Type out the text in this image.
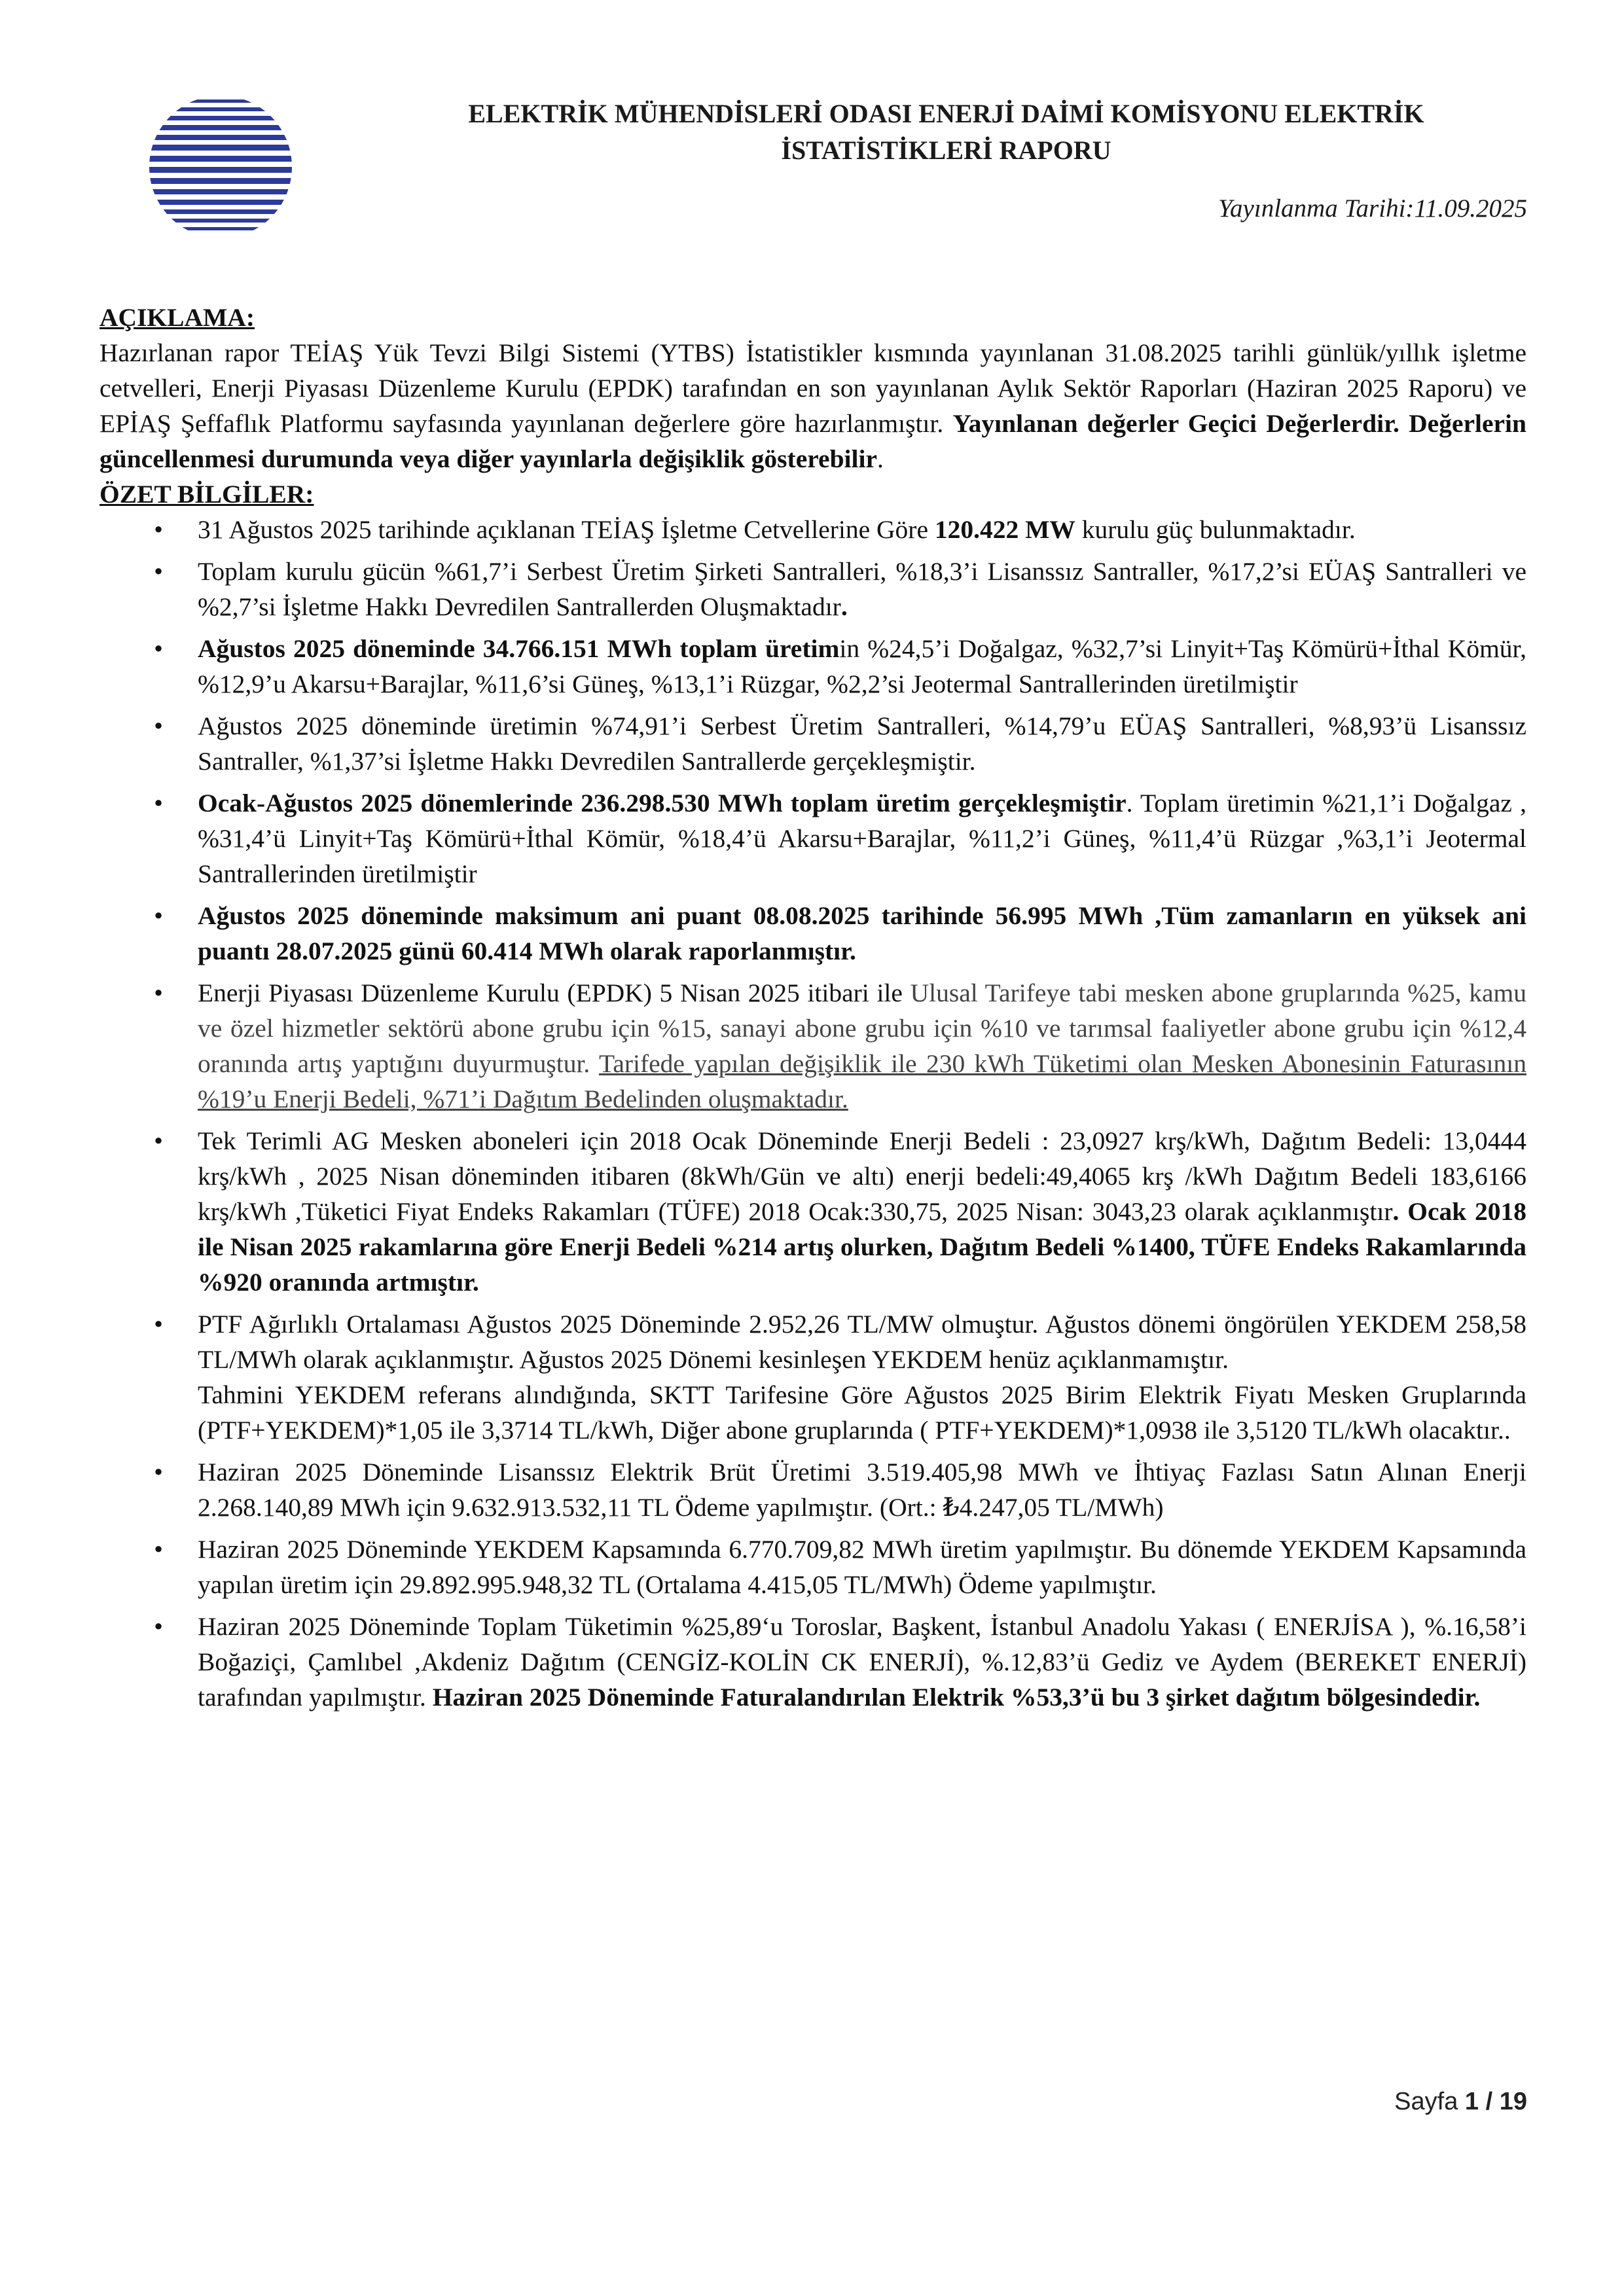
ELEKTRİK MÜHENDİSLERİ ODASI ENERJİ DAİMİ KOMİSYONU ELEKTRİK
İSTATİSTİKLERİ RAPORU
Yayınlanma Tarihi:11.09.2025

AÇIKLAMA:

Hazırlanan rapor TEİAŞ Yük Tevzi Bilgi Sistemi (YTBS) İstatistikler kısmında yayınlanan 31.08.2025 tarihli günlük/yıllık işletme cetvelleri, Enerji Piyasası Düzenleme Kurulu (EPDK) tarafından en son yayınlanan Aylık Sektör Raporları (Haziran 2025 Raporu) ve EPİAŞ Şeffaflık Platformu sayfasında yayınlanan değerlere göre hazırlanmıştır. Yayınlanan değerler Geçici Değerlerdir. Değerlerin güncellenmesi durumunda veya diğer yayınlarla değişiklik gösterebilir.

ÖZET BİLGİLER:

•	31 Ağustos 2025 tarihinde açıklanan TEİAŞ İşletme Cetvellerine Göre 120.422 MW kurulu güç bulunmaktadır.
•	Toplam kurulu gücün %61,7’i Serbest Üretim Şirketi Santralleri, %18,3’i Lisanssız Santraller, %17,2’si EÜAŞ Santralleri ve %2,7’si İşletme Hakkı Devredilen Santrallerden Oluşmaktadır.
•	Ağustos 2025 döneminde 34.766.151 MWh toplam üretimin %24,5’i Doğalgaz, %32,7’si Linyit+Taş Kömürü+İthal Kömür, %12,9’u Akarsu+Barajlar, %11,6’si Güneş, %13,1’i Rüzgar, %2,2’si Jeotermal Santrallerinden üretilmiştir
•	Ağustos 2025 döneminde üretimin %74,91’i Serbest Üretim Santralleri, %14,79’u EÜAŞ Santralleri, %8,93’ü Lisanssız Santraller, %1,37’si İşletme Hakkı Devredilen Santrallerde gerçekleşmiştir.
•	Ocak-Ağustos 2025 dönemlerinde 236.298.530 MWh toplam üretim gerçekleşmiştir. Toplam üretimin %21,1’i Doğalgaz , %31,4’ü Linyit+Taş Kömürü+İthal Kömür, %18,4’ü Akarsu+Barajlar, %11,2’i Güneş, %11,4’ü Rüzgar ,%3,1’i Jeotermal Santrallerinden üretilmiştir
•	Ağustos 2025 döneminde maksimum ani puant 08.08.2025 tarihinde 56.995 MWh ,Tüm zamanların en yüksek ani puantı 28.07.2025 günü 60.414 MWh olarak raporlanmıştır.
•	Enerji Piyasası Düzenleme Kurulu (EPDK) 5 Nisan 2025 itibari ile Ulusal Tarifeye tabi mesken abone gruplarında %25, kamu ve özel hizmetler sektörü abone grubu için %15, sanayi abone grubu için %10 ve tarımsal faaliyetler abone grubu için %12,4 oranında artış yaptığını duyurmuştur. Tarifede yapılan değişiklik ile 230 kWh Tüketimi olan Mesken Abonesinin Faturasının %19’u Enerji Bedeli, %71’i Dağıtım Bedelinden oluşmaktadır.
•	Tek Terimli AG Mesken aboneleri için 2018 Ocak Döneminde Enerji Bedeli : 23,0927 krş/kWh, Dağıtım Bedeli: 13,0444 krş/kWh , 2025 Nisan döneminden itibaren (8kWh/Gün ve altı) enerji bedeli:49,4065 krş /kWh Dağıtım Bedeli 183,6166 krş/kWh ,Tüketici Fiyat Endeks Rakamları (TÜFE) 2018 Ocak:330,75, 2025 Nisan: 3043,23 olarak açıklanmıştır. Ocak 2018 ile Nisan 2025 rakamlarına göre Enerji Bedeli %214 artış olurken, Dağıtım Bedeli %1400, TÜFE Endeks Rakamlarında %920 oranında artmıştır.
•	PTF Ağırlıklı Ortalaması Ağustos 2025 Döneminde 2.952,26 TL/MW olmuştur. Ağustos dönemi öngörülen YEKDEM 258,58 TL/MWh olarak açıklanmıştır. Ağustos 2025 Dönemi kesinleşen YEKDEM henüz açıklanmamıştır.

Tahmini YEKDEM referans alındığında, SKTT Tarifesine Göre Ağustos 2025 Birim Elektrik Fiyatı Mesken Gruplarında (PTF+YEKDEM)*1,05 ile 3,3714 TL/kWh, Diğer abone gruplarında ( PTF+YEKDEM)*1,0938 ile 3,5120 TL/kWh olacaktır..
•	Haziran 2025 Döneminde Lisanssız Elektrik Brüt Üretimi 3.519.405,98 MWh ve İhtiyaç Fazlası Satın Alınan Enerji 2.268.140,89 MWh için 9.632.913.532,11 TL Ödeme yapılmıştır. (Ort.: ₺4.247,05 TL/MWh)
•	Haziran 2025 Döneminde YEKDEM Kapsamında 6.770.709,82 MWh üretim yapılmıştır. Bu dönemde YEKDEM Kapsamında yapılan üretim için 29.892.995.948,32 TL (Ortalama 4.415,05 TL/MWh) Ödeme yapılmıştır.
•	Haziran 2025 Döneminde Toplam Tüketimin %25,89‘u Toroslar, Başkent, İstanbul Anadolu Yakası ( ENERJİSA ), %.16,58’i Boğaziçi, Çamlıbel ,Akdeniz Dağıtım (CENGİZ-KOLİN CK ENERJİ), %.12,83’ü Gediz ve Aydem (BEREKET ENERJİ) tarafından yapılmıştır. Haziran 2025 Döneminde Faturalandırılan Elektrik %53,3’ü bu 3 şirket dağıtım bölgesindedir.
Sayfa 1 / 19
